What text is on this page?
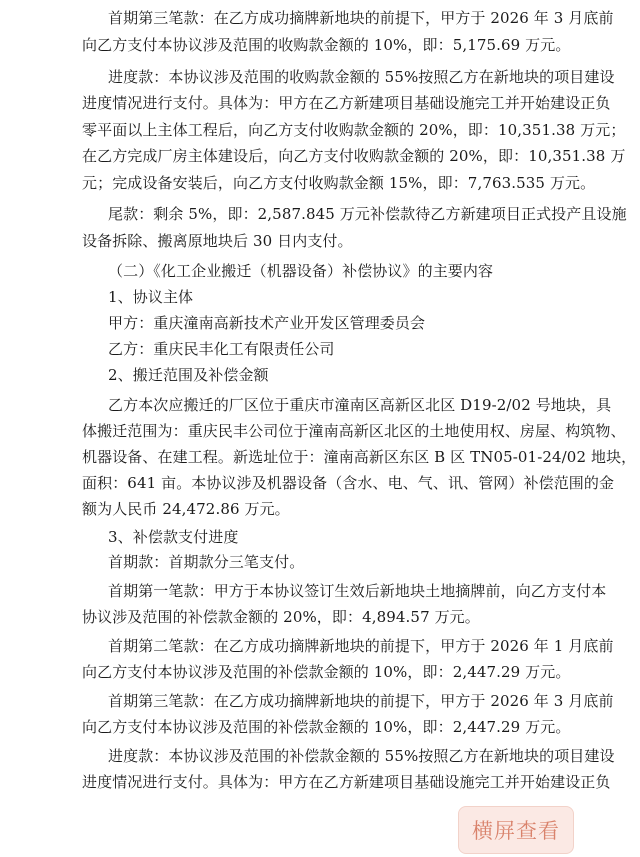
首期第三笔款：在乙方成功摘牌新地块的前提下，甲方于 2026 年 3 月底前
向乙方支付本协议涉及范围的收购款金额的 10%，即：5,175.69 万元。
进度款：本协议涉及范围的收购款金额的 55%按照乙方在新地块的项目建设
进度情况进行支付。具体为：甲方在乙方新建项目基础设施完工并开始建设正负
零平面以上主体工程后，向乙方支付收购款金额的 20%，即：10,351.38 万元；
在乙方完成厂房主体建设后，向乙方支付收购款金额的 20%，即：10,351.38 万
元；完成设备安装后，向乙方支付收购款金额 15%，即：7,763.535 万元。
尾款：剩余 5%，即：2,587.845 万元补偿款待乙方新建项目正式投产且设施
设备拆除、搬离原地块后 30 日内支付。
（二）《化工企业搬迁（机器设备）补偿协议》的主要内容
1、协议主体
甲方：重庆潼南高新技术产业开发区管理委员会
乙方：重庆民丰化工有限责任公司
2、搬迁范围及补偿金额
乙方本次应搬迁的厂区位于重庆市潼南区高新区北区 D19-2/02 号地块，具
体搬迁范围为：重庆民丰公司位于潼南高新区北区的土地使用权、房屋、构筑物、
机器设备、在建工程。新选址位于：潼南高新区东区 B 区 TN05-01-24/02 地块，
面积：641 亩。本协议涉及机器设备（含水、电、气、讯、管网）补偿范围的金
额为人民币 24,472.86 万元。
3、补偿款支付进度
首期款：首期款分三笔支付。
首期第一笔款：甲方于本协议签订生效后新地块土地摘牌前，向乙方支付本
协议涉及范围的补偿款金额的 20%，即：4,894.57 万元。
首期第二笔款：在乙方成功摘牌新地块的前提下，甲方于 2026 年 1 月底前
向乙方支付本协议涉及范围的补偿款金额的 10%，即：2,447.29 万元。
首期第三笔款：在乙方成功摘牌新地块的前提下，甲方于 2026 年 3 月底前
向乙方支付本协议涉及范围的补偿款金额的 10%，即：2,447.29 万元。
进度款：本协议涉及范围的补偿款金额的 55%按照乙方在新地块的项目建设
进度情况进行支付。具体为：甲方在乙方新建项目基础设施完工并开始建设正负
横屏查看
